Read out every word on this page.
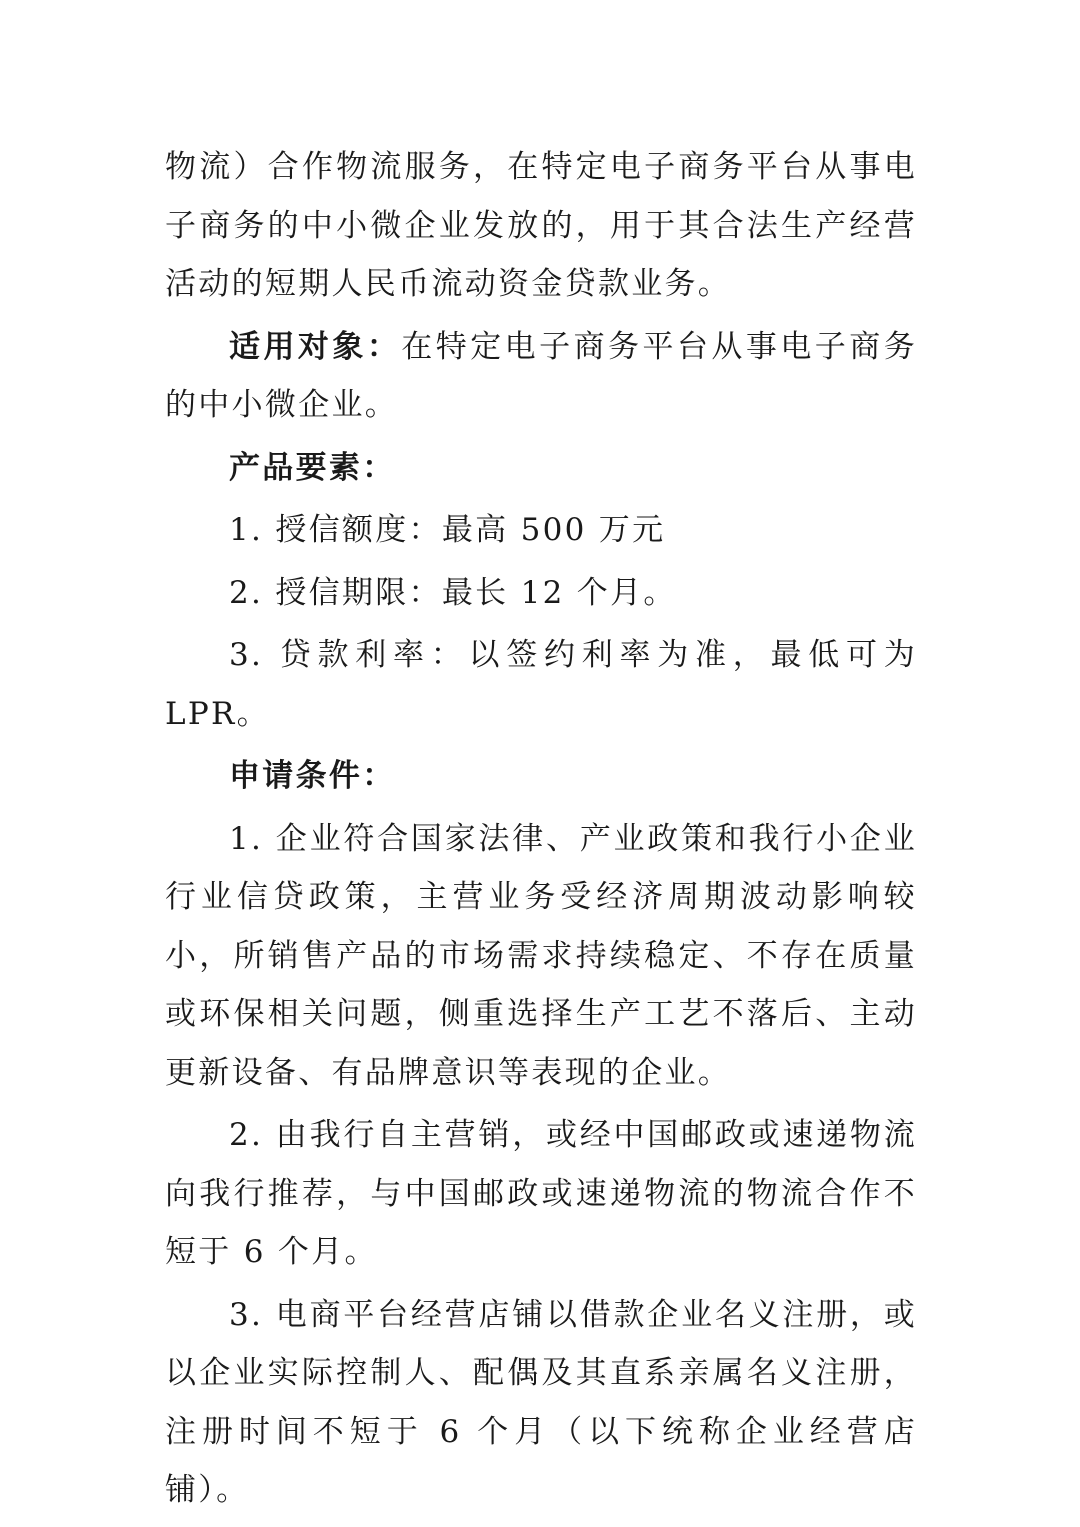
物流）合作物流服务，在特定电子商务平台从事电子商务的中小微企业发放的，用于其合法生产经营活动的短期人民币流动资金贷款业务。

适用对象：在特定电子商务平台从事电子商务的中小微企业。

产品要素：

1. 授信额度：最高 500 万元

2. 授信期限：最长 12 个月。

3. 贷款利率：以签约利率为准，最低可为 LPR。

申请条件：

1. 企业符合国家法律、产业政策和我行小企业行业信贷政策，主营业务受经济周期波动影响较小，所销售产品的市场需求持续稳定、不存在质量或环保相关问题，侧重选择生产工艺不落后、主动更新设备、有品牌意识等表现的企业。

2. 由我行自主营销，或经中国邮政或速递物流向我行推荐，与中国邮政或速递物流的物流合作不短于 6 个月。

3. 电商平台经营店铺以借款企业名义注册，或以企业实际控制人、配偶及其直系亲属名义注册，注册时间不短于 6 个月（以下统称企业经营店铺）。
